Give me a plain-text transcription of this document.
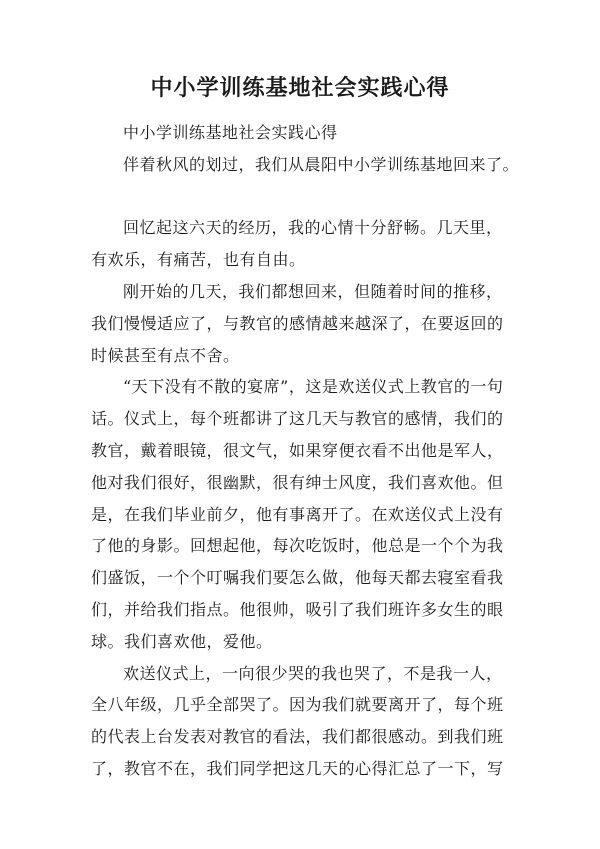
中小学训练基地社会实践心得
中小学训练基地社会实践心得
伴着秋风的划过，我们从晨阳中小学训练基地回来了。
回忆起这六天的经历，我的心情十分舒畅。几天里，
有欢乐，有痛苦，也有自由。
刚开始的几天，我们都想回来，但随着时间的推移，
我们慢慢适应了，与教官的感情越来越深了，在要返回的
时候甚至有点不舍。
“天下没有不散的宴席”，这是欢送仪式上教官的一句
话。仪式上，每个班都讲了这几天与教官的感情，我们的
教官，戴着眼镜，很文气，如果穿便衣看不出他是军人，
他对我们很好，很幽默，很有绅士风度，我们喜欢他。但
是，在我们毕业前夕，他有事离开了。在欢送仪式上没有
了他的身影。回想起他，每次吃饭时，他总是一个个为我
们盛饭，一个个叮嘱我们要怎么做，他每天都去寝室看我
们，并给我们指点。他很帅，吸引了我们班许多女生的眼
球。我们喜欢他，爱他。
欢送仪式上，一向很少哭的我也哭了，不是我一人，
全八年级，几乎全部哭了。因为我们就要离开了，每个班
的代表上台发表对教官的看法，我们都很感动。到我们班
了，教官不在，我们同学把这几天的心得汇总了一下，写
